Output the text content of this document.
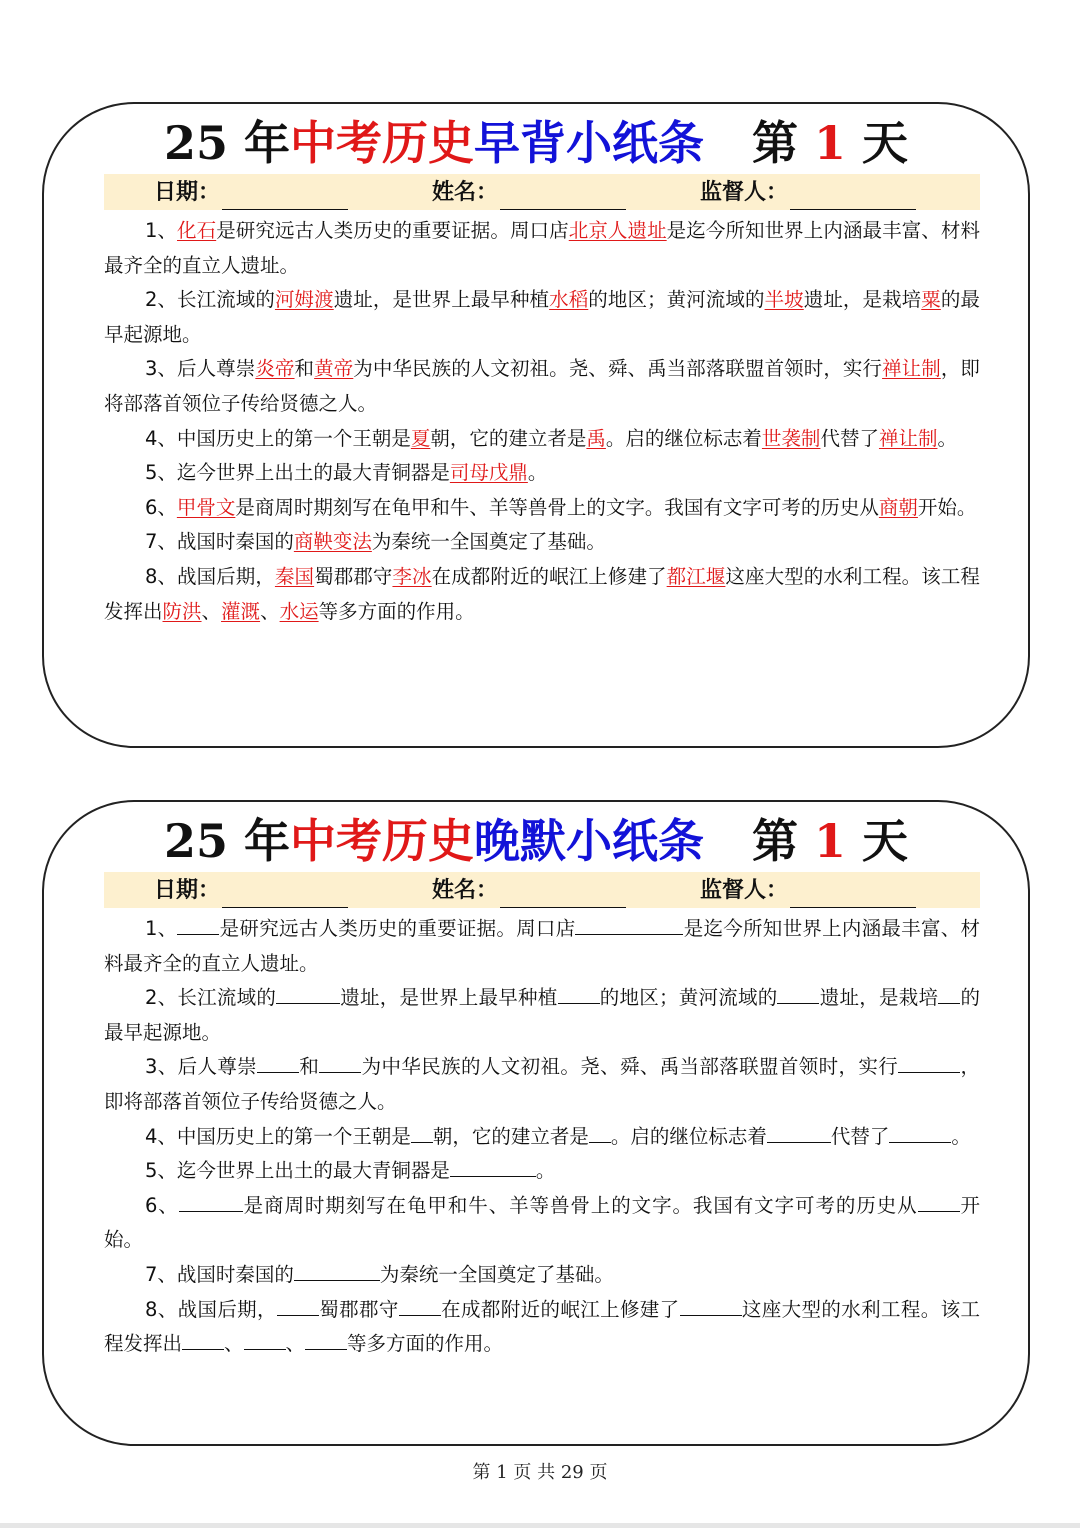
25 年中考历史早背小纸条 第 1 天
日期：	姓名：	监督人：

1、化石是研究远古人类历史的重要证据。周口店北京人遗址是迄今所知世界上内涵最丰富、材料最齐全的直立人遗址。

2、长江流域的河姆渡遗址，是世界上最早种植水稻的地区；黄河流域的半坡遗址，是栽培粟的最早起源地。

3、后人尊崇炎帝和黄帝为中华民族的人文初祖。尧、舜、禹当部落联盟首领时，实行禅让制，即将部落首领位子传给贤德之人。

4、中国历史上的第一个王朝是夏朝，它的建立者是禹。启的继位标志着世袭制代替了禅让制。

5、迄今世界上出土的最大青铜器是司母戊鼎。

6、甲骨文是商周时期刻写在龟甲和牛、羊等兽骨上的文字。我国有文字可考的历史从商朝开始。

7、战国时秦国的商鞅变法为秦统一全国奠定了基础。

8、战国后期，秦国蜀郡郡守李冰在成都附近的岷江上修建了都江堰这座大型的水利工程。该工程发挥出防洪、灌溉、水运等多方面的作用。

25 年中考历史晚默小纸条 第 1 天
日期：	姓名：	监督人：

1、 是研究远古人类历史的重要证据。周口店	是迄今所知世界上内涵最丰富、材料最齐全的直立人遗址。

2、长江流域的	遗址，是世界上最早种植 的地区；黄河流域的 遗址，是栽培 的最早起源地。

3、后人尊崇 和 为中华民族的人文初祖。尧、舜、禹当部落联盟首领时，实行	，即将部落首领位子传给贤德之人。

4、中国历史上的第一个王朝是 朝，它的建立者是 。启的继位标志着	代替了	。

5、迄今世界上出土的最大青铜器是	。

6、	是商周时期刻写在龟甲和牛、羊等兽骨上的文字。我国有文字可考的历史从 开始。

7、战国时秦国的	为秦统一全国奠定了基础。

8、战国后期， 蜀郡郡守 在成都附近的岷江上修建了	这座大型的水利工程。该工程发挥出 、 、 等多方面的作用。

第 1 页 共 29 页
